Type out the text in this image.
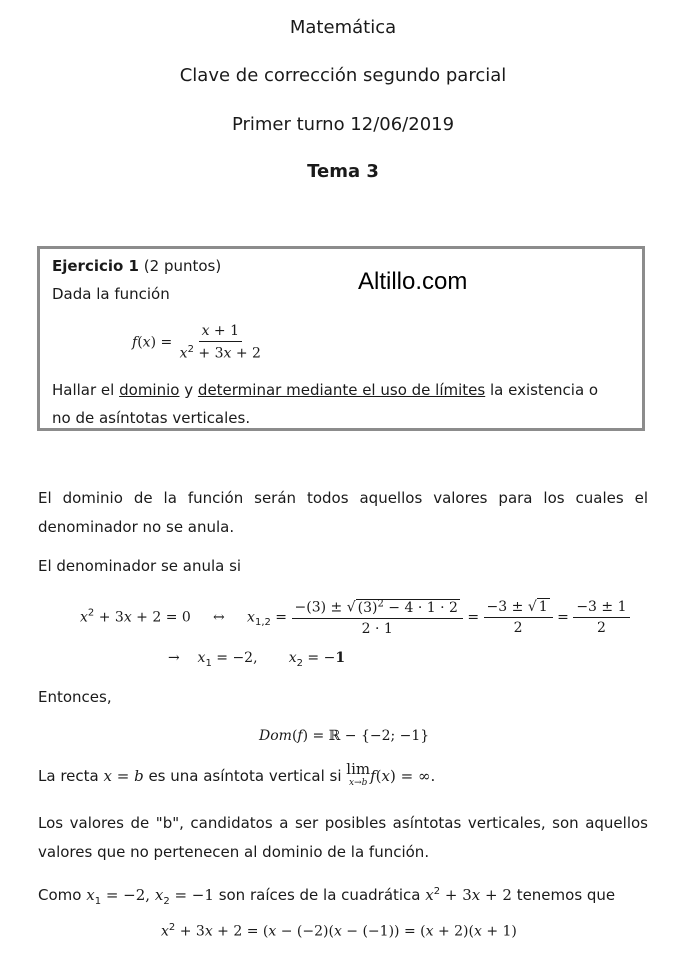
Matemática
Clave de corrección segundo parcial
Primer turno 12/06/2019
Tema 3
Ejercicio 1 (2 puntos)
Dada la función
$f(x) = \frac{x + 1}{x^2 + 3x + 2}$
Hallar el dominio y determinar mediante el uso de límites la existencia o
no de asíntotas verticales.
Altillo.com
El dominio de la función serán todos aquellos valores para los cuales el denominador no se anula.
El denominador se anula si
$x^2 + 3x + 2 = 0$     ↔     $x_{1,2} = \frac{-(3) \pm √ (3)^2 - 4 \cdot 1 \cdot 2}{2 \cdot 1} = \frac{-3 \pm √ 1}{2} = \frac{-3 \pm 1}{2}$
→    $x_1 = -2$,       $x_2 = -1$
Entonces,
Dom(f) = ℝ − {−2; −1}
La recta x = b es una asíntota vertical si lim
x→b f(x) = ∞.
Los valores de "b", candidatos a ser posibles asíntotas verticales, son aquellos valores que no pertenecen al dominio de la función.
Como $x_1 = -2$, $x_2 = -1$ son raíces de la cuadrática $x^2 + 3x + 2$ tenemos que
$x^2 + 3x + 2 = (x - (-2)(x - (-1)) = (x + 2)(x + 1)$
